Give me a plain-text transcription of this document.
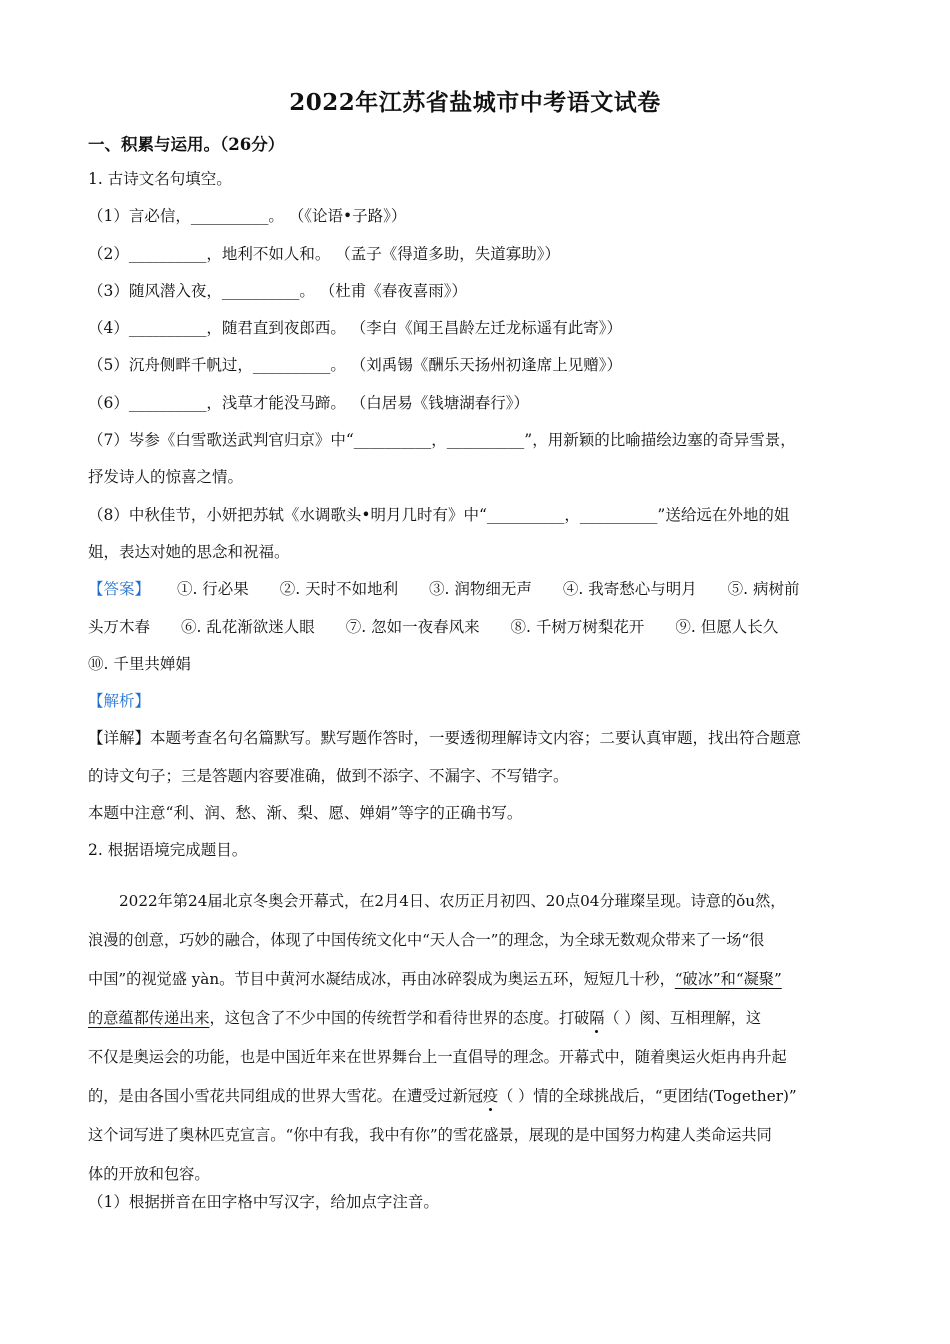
2022年江苏省盐城市中考语文试卷
一、积累与运用。（26分）
1. 古诗文名句填空。
（1）言必信，__________。 （《论语•子路》）
（2）__________，地利不如人和。 （孟子《得道多助，失道寡助》）
（3）随风潜入夜，__________。 （杜甫《春夜喜雨》）
（4）__________，随君直到夜郎西。 （李白《闻王昌龄左迁龙标遥有此寄》）
（5）沉舟侧畔千帆过，__________。 （刘禹锡《酬乐天扬州初逢席上见赠》）
（6）__________，浅草才能没马蹄。 （白居易《钱塘湖春行》）
（7）岑参《白雪歌送武判官归京》中“__________，__________”，用新颖的比喻描绘边塞的奇异雪景，
抒发诗人的惊喜之情。
（8）中秋佳节，小妍把苏轼《水调歌头•明月几时有》中“__________，__________”送给远在外地的姐
姐，表达对她的思念和祝福。
【答案】 ①. 行必果 ②. 天时不如地利 ③. 润物细无声 ④. 我寄愁心与明月 ⑤. 病树前
头万木春 ⑥. 乱花渐欲迷人眼 ⑦. 忽如一夜春风来 ⑧. 千树万树梨花开 ⑨. 但愿人长久
⑩. 千里共婵娟
【解析】
【详解】本题考查名句名篇默写。默写题作答时，一要透彻理解诗文内容；二要认真审题，找出符合题意
的诗文句子；三是答题内容要准确，做到不添字、不漏字、不写错字。
本题中注意“利、润、愁、渐、梨、愿、婵娟”等字的正确书写。
2. 根据语境完成题目。
2022年第24届北京冬奥会开幕式，在2月4日、农历正月初四、20点04分璀璨呈现。诗意的ǒu然，
浪漫的创意，巧妙的融合，体现了中国传统文化中“天人合一”的理念，为全球无数观众带来了一场“很
中国”的视觉盛 yàn。节目中黄河水凝结成冰，再由冰碎裂成为奥运五环，短短几十秒，“破冰”和“凝聚”
的意蕴都传递出来，这包含了不少中国的传统哲学和看待世界的态度。打破隔（ ）阂、互相理解，这
不仅是奥运会的功能，也是中国近年来在世界舞台上一直倡导的理念。开幕式中，随着奥运火炬冉冉升起
的，是由各国小雪花共同组成的世界大雪花。在遭受过新冠疫（ ）情的全球挑战后，“更团结(Together)”
这个词写进了奥林匹克宣言。“你中有我，我中有你”的雪花盛景，展现的是中国努力构建人类命运共同
体的开放和包容。
（1）根据拼音在田字格中写汉字，给加点字注音。
